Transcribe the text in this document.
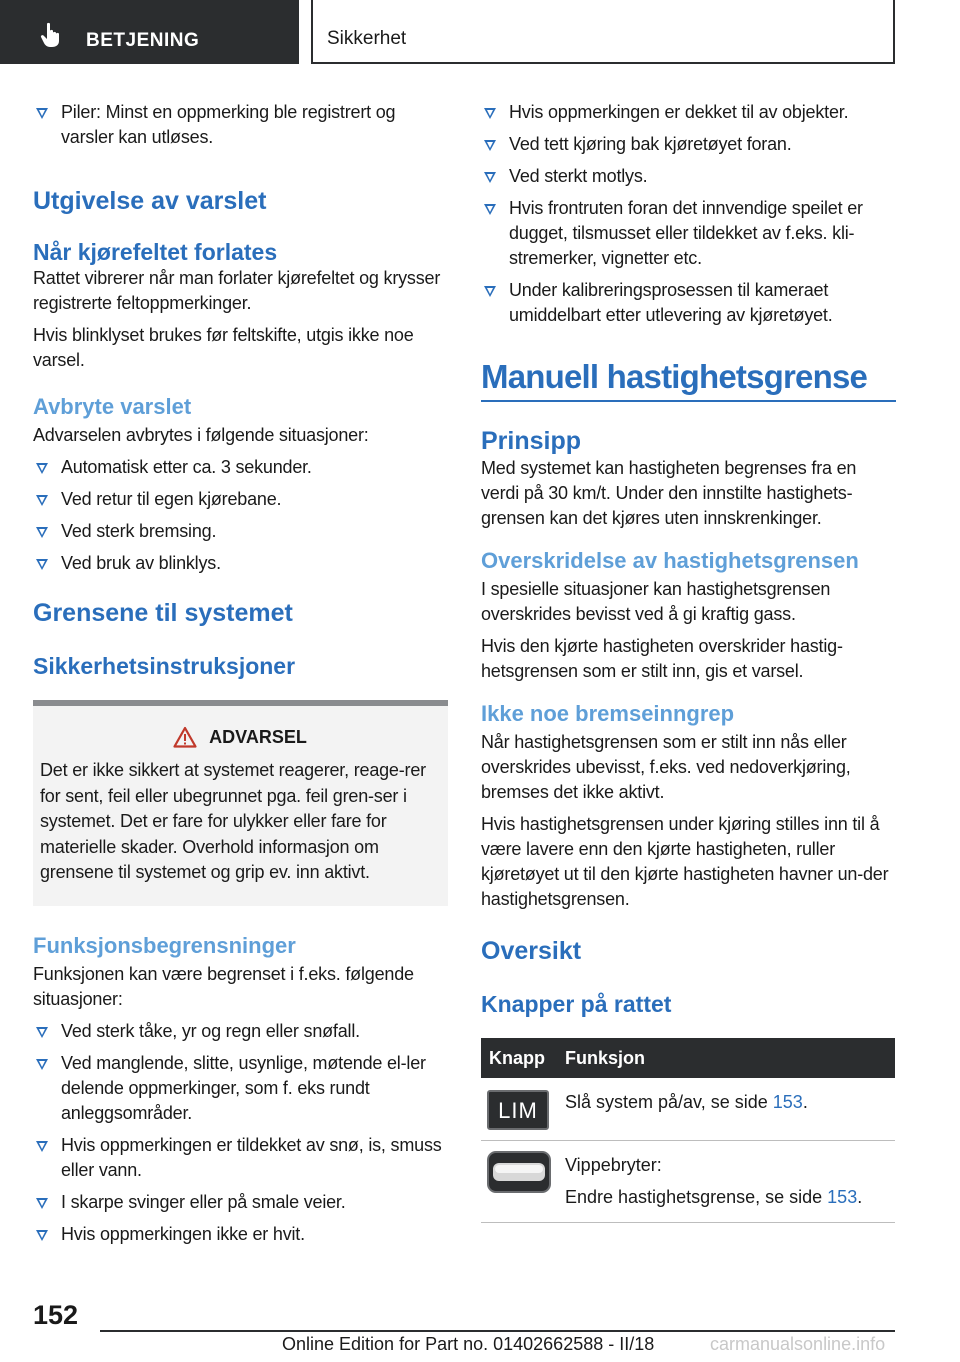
BETJENING	Sikkerhet
Piler: Minst en oppmerking ble registrert og varsler kan utløses.
Utgivelse av varslet
Når kjørefeltet forlates
Rattet vibrerer når man forlater kjørefeltet og krysser registrerte feltoppmerkinger.
Hvis blinklyset brukes før feltskifte, utgis ikke noe varsel.
Avbryte varslet
Advarselen avbrytes i følgende situasjoner:
Automatisk etter ca. 3 sekunder.
Ved retur til egen kjørebane.
Ved sterk bremsing.
Ved bruk av blinklys.
Grensene til systemet
Sikkerhetsinstruksjoner
ADVARSEL
Det er ikke sikkert at systemet reagerer, reage-rer for sent, feil eller ubegrunnet pga. feil gren-ser i systemet. Det er fare for ulykker eller fare for materielle skader. Overhold informasjon om grensene til systemet og grip ev. inn aktivt.
Funksjonsbegrensninger
Funksjonen kan være begrenset i f.eks. følgende situasjoner:
Ved sterk tåke, yr og regn eller snøfall.
Ved manglende, slitte, usynlige, møtende el-ler delende oppmerkinger, som f. eks rundt anleggsområder.
Hvis oppmerkingen er tildekket av snø, is, smuss eller vann.
I skarpe svinger eller på smale veier.
Hvis oppmerkingen ikke er hvit.
Hvis oppmerkingen er dekket til av objekter.
Ved tett kjøring bak kjøretøyet foran.
Ved sterkt motlys.
Hvis frontruten foran det innvendige speilet er dugget, tilsmusset eller tildekket av f.eks. kli-stremerker, vignetter etc.
Under kalibreringsprosessen til kameraet umiddelbart etter utlevering av kjøretøyet.
Manuell hastighetsgrense
Prinsipp
Med systemet kan hastigheten begrenses fra en verdi på 30 km/t. Under den innstilte hastighets-grensen kan det kjøres uten innskrenkinger.
Overskridelse av hastighetsgrensen
I spesielle situasjoner kan hastighetsgrensen overskrides bevisst ved å gi kraftig gass.
Hvis den kjørte hastigheten overskrider hastig-hetsgrensen som er stilt inn, gis et varsel.
Ikke noe bremseinngrep
Når hastighetsgrensen som er stilt inn nås eller overskrides ubevisst, f.eks. ved nedoverkjøring, bremses det ikke aktivt.
Hvis hastighetsgrensen under kjøring stilles inn til å være lavere enn den kjørte hastigheten, ruller kjøretøyet ut til den kjørte hastigheten havner un-der hastighetsgrensen.
Oversikt
Knapper på rattet
Knapp	Funksjon

LIM	Slå system på/av, se side 153.

Vippebryter:
Endre hastighetsgrense, se side 153.
152
Online Edition for Part no. 01402662588 - II/18	carmanualsonline.info
